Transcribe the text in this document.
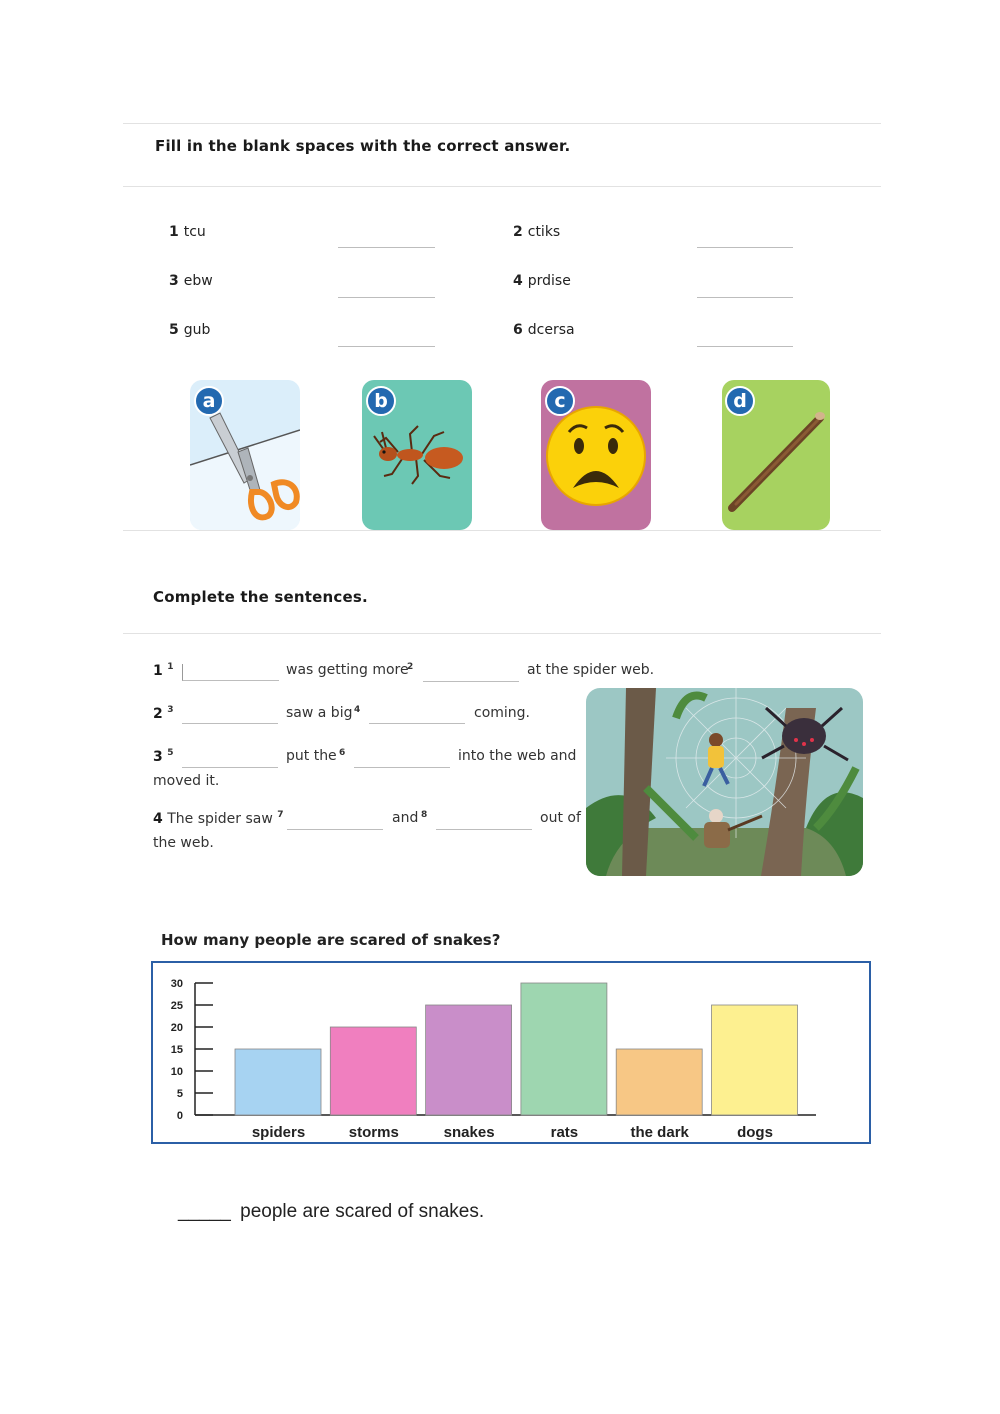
Fill in the blank spaces with the correct answer.
1 tcu	2 ctiks
3 ebw	4 prdise
5 gub	6 dcersa
a	b	c	d
Complete the sentences.
1 $^1$	was getting more
$^2$	at the spider web.
2 $^3$	saw a big $^4$	coming.
3 $^5$	put the $^6$	into the web and
moved it.
4 The spider saw $^7$	and $^8$	out of
the web.
How many people are scared of snakes?
0
5
10
15
20
25
30
spiders	storms	snakes	rats	the dark	dogs
_____ people are scared of snakes.
